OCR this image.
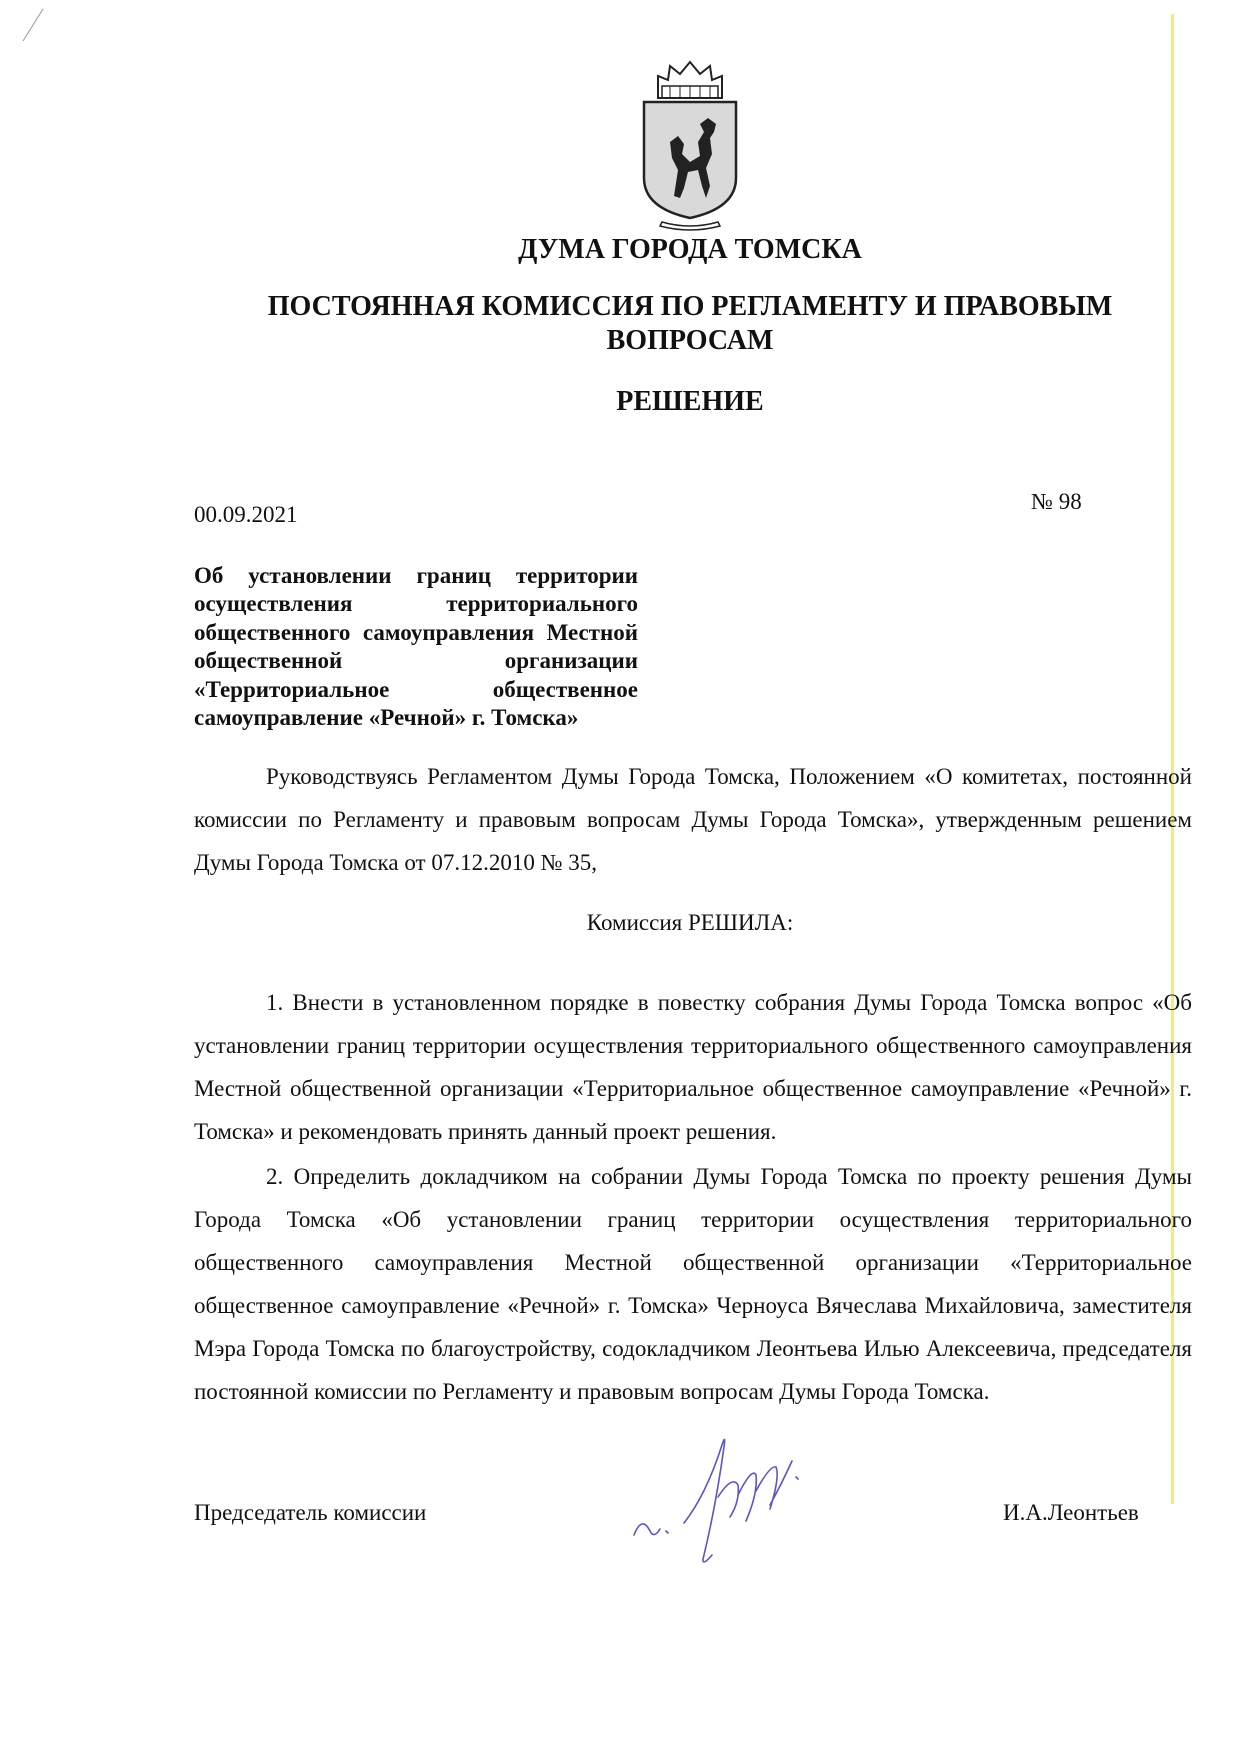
ДУМА ГОРОДА ТОМСКА
ПОСТОЯННАЯ КОМИССИЯ ПО РЕГЛАМЕНТУ И ПРАВОВЫМ ВОПРОСАМ
РЕШЕНИЕ
00.09.2021
№ 98
Об установлении границ территории осуществления территориального общественного самоуправления Местной общественной организации «Территориальное общественное самоуправление «Речной» г. Томска»
Руководствуясь Регламентом Думы Города Томска, Положением «О комитетах, постоянной комиссии по Регламенту и правовым вопросам Думы Города Томска», утвержденным решением Думы Города Томска от 07.12.2010 № 35,
Комиссия РЕШИЛА:
1. Внести в установленном порядке в повестку собрания Думы Города Томска вопрос «Об установлении границ территории осуществления территориального общественного самоуправления Местной общественной организации «Территориальное общественное самоуправление «Речной» г. Томска» и рекомендовать принять данный проект решения.
2. Определить докладчиком на собрании Думы Города Томска по проекту решения Думы Города Томска «Об установлении границ территории осуществления территориального общественного самоуправления Местной общественной организации «Территориальное общественное самоуправление «Речной» г. Томска» Черноуса Вячеслава Михайловича, заместителя Мэра Города Томска по благоустройству, содокладчиком Леонтьева Илью Алексеевича, председателя постоянной комиссии по Регламенту и правовым вопросам Думы Города Томска.
Председатель комиссии	И.А.Леонтьев
